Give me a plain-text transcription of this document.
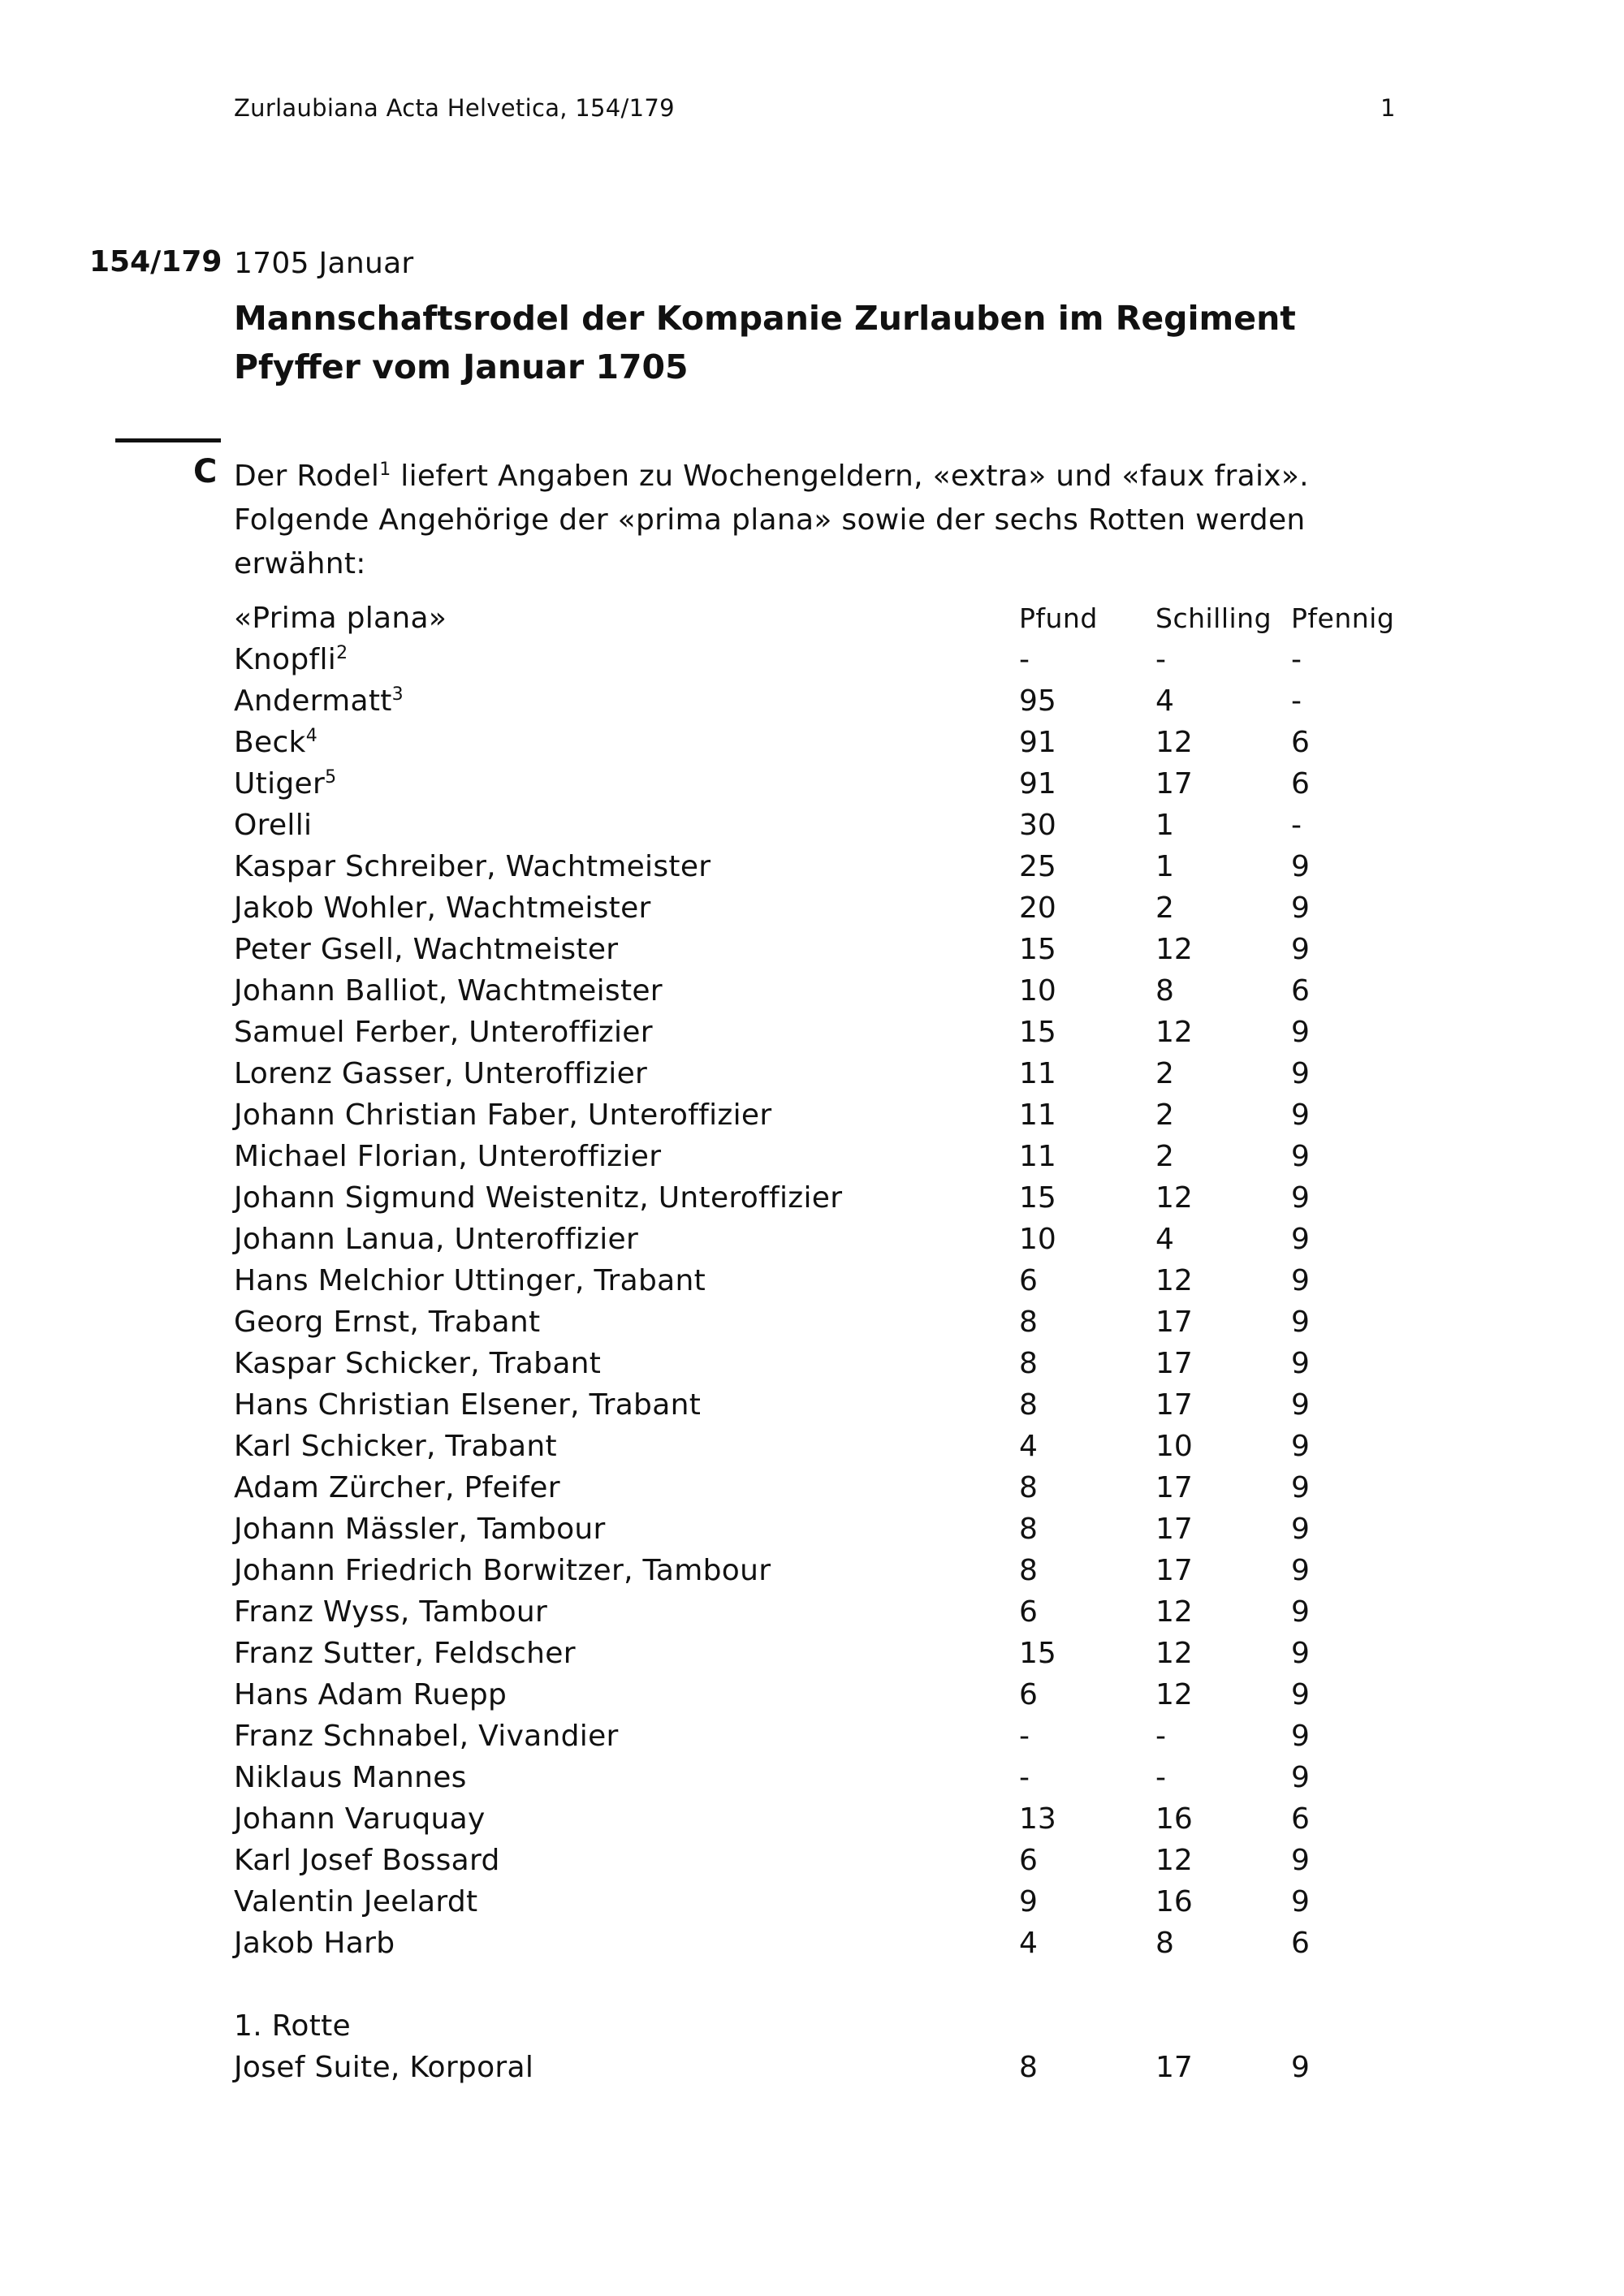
Zurlaubiana Acta Helvetica, 154/179	1
154/179 1705 Januar
Mannschaftsrodel der Kompanie Zurlauben im Regiment Pfyffer vom Januar 1705
C Der Rodel$^1$ liefert Angaben zu Wochengeldern, «extra» und «faux fraix». Folgende Angehörige der «prima plana» sowie der sechs Rotten werden erwähnt:
«Prima plana»	Pfund Schilling Pfennig
Knopfli$^2$	-	-	-
Andermatt$^3$	95	4	-
Beck$^4$	91	12	6
Utiger$^5$	91	17	6
Orelli	30	1	-
Kaspar Schreiber, Wachtmeister	25	1	9
Jakob Wohler, Wachtmeister	20	2	9
Peter Gsell, Wachtmeister	15	12	9
Johann Balliot, Wachtmeister	10	8	6
Samuel Ferber, Unteroffizier	15	12	9
Lorenz Gasser, Unteroffizier	11	2	9
Johann Christian Faber, Unteroffizier	11	2	9
Michael Florian, Unteroffizier	11	2	9
Johann Sigmund Weistenitz, Unteroffizier	15	12	9
Johann Lanua, Unteroffizier	10	4	9
Hans Melchior Uttinger, Trabant	6	12	9
Georg Ernst, Trabant	8	17	9
Kaspar Schicker, Trabant	8	17	9
Hans Christian Elsener, Trabant	8	17	9
Karl Schicker, Trabant	4	10	9
Adam Zürcher, Pfeifer	8	17	9
Johann Mässler, Tambour	8	17	9
Johann Friedrich Borwitzer, Tambour	8	17	9
Franz Wyss, Tambour	6	12	9
Franz Sutter, Feldscher	15	12	9
Hans Adam Ruepp	6	12	9
Franz Schnabel, Vivandier	-	-	9
Niklaus Mannes	-	-	9
Johann Varuquay	13	16	6
Karl Josef Bossard	6	12	9
Valentin Jeelardt	9	16	9
Jakob Harb	4	8	6
1. Rotte
Josef Suite, Korporal	8	17	9
